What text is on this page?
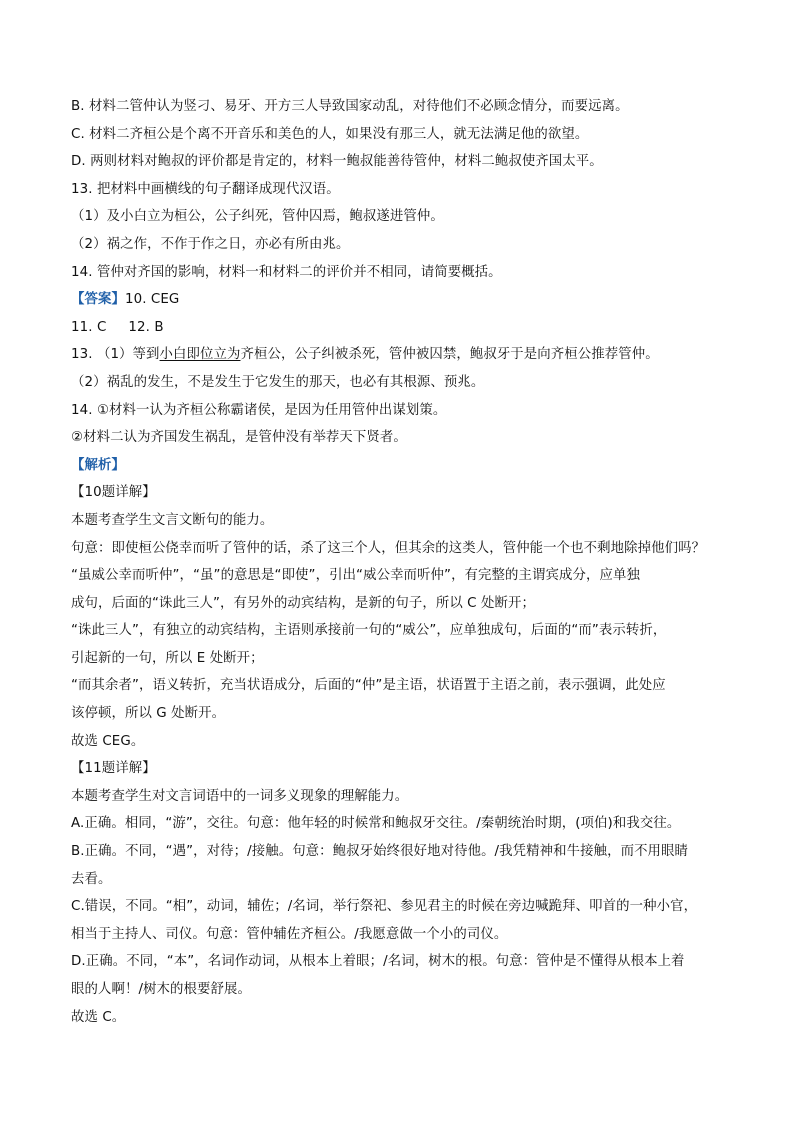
B. 材料二管仲认为竖刁、易牙、开方三人导致国家动乱，对待他们不必顾念情分，而要远离。
C. 材料二齐桓公是个离不开音乐和美色的人，如果没有那三人，就无法满足他的欲望。
D. 两则材料对鲍叔的评价都是肯定的，材料一鲍叔能善待管仲，材料二鲍叔使齐国太平。
13. 把材料中画横线的句子翻译成现代汉语。
（1）及小白立为桓公，公子纠死，管仲囚焉，鲍叔遂进管仲。
（2）祸之作，不作于作之日，亦必有所由兆。
14. 管仲对齐国的影响，材料一和材料二的评价并不相同，请简要概括。
【答案】10. CEG
11. C 12. B
13. （1）等到小白即位立为齐桓公，公子纠被杀死，管仲被囚禁，鲍叔牙于是向齐桓公推荐管仲。
（2）祸乱的发生，不是发生于它发生的那天，也必有其根源、预兆。
14. ①材料一认为齐桓公称霸诸侯，是因为任用管仲出谋划策。
②材料二认为齐国发生祸乱，是管仲没有举荐天下贤者。
【解析】
【10题详解】
本题考查学生文言文断句的能力。
句意：即使桓公侥幸而听了管仲的话，杀了这三个人，但其余的这类人，管仲能一个也不剩地除掉他们吗？
“虽威公幸而听仲”，“虽”的意思是“即使”，引出“威公幸而听仲”，有完整的主谓宾成分，应单独
成句，后面的“诛此三人”，有另外的动宾结构，是新的句子，所以 C 处断开；
“诛此三人”，有独立的动宾结构，主语则承接前一句的“威公”，应单独成句，后面的“而”表示转折，
引起新的一句，所以 E 处断开；
“而其余者”，语义转折，充当状语成分，后面的“仲”是主语，状语置于主语之前，表示强调，此处应
该停顿，所以 G 处断开。
故选 CEG。
【11题详解】
本题考查学生对文言词语中的一词多义现象的理解能力。
A.正确。相同，“游”，交往。句意：他年轻的时候常和鲍叔牙交往。/秦朝统治时期，(项伯)和我交往。
B.正确。不同，“遇”，对待；/接触。句意：鲍叔牙始终很好地对待他。/我凭精神和牛接触，而不用眼睛
去看。
C.错误，不同。“相”，动词，辅佐；/名词，举行祭祀、参见君主的时候在旁边喊跪拜、叩首的一种小官，
相当于主持人、司仪。句意：管仲辅佐齐桓公。/我愿意做一个小的司仪。
D.正确。不同，“本”，名词作动词，从根本上着眼；/名词，树木的根。句意：管仲是不懂得从根本上着
眼的人啊！/树木的根要舒展。
故选 C。
